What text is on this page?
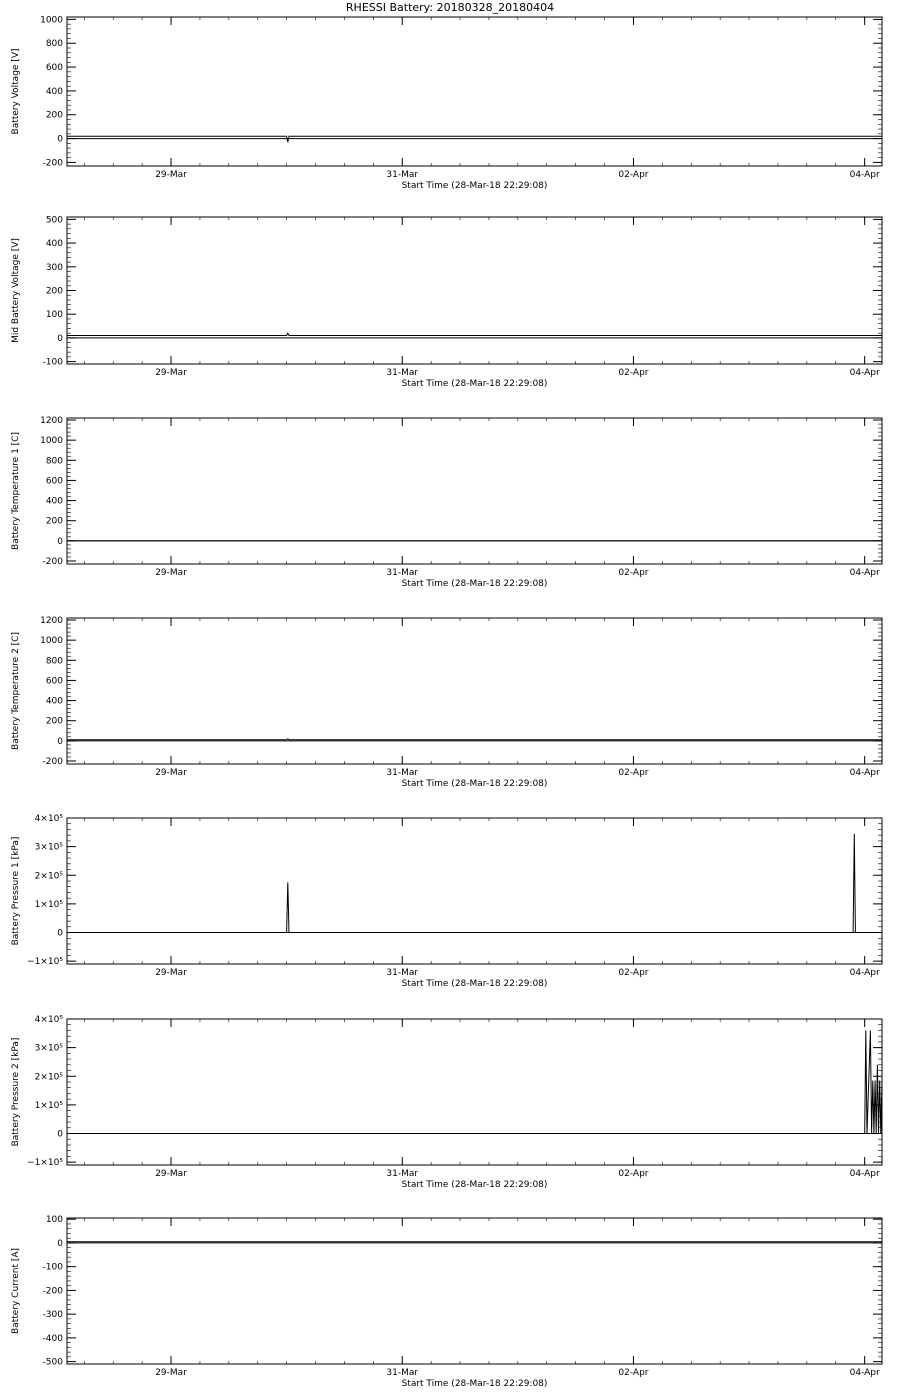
RHESSI Battery: 20180328_20180404
-200
0
200
400
600
800
1000
29-Mar	31-Mar	02-Apr	04-Apr
Start Time (28-Mar-18 22:29:08)
Battery Voltage [V]
-100
0
100
200
300
400
500
29-Mar	31-Mar	02-Apr	04-Apr
Start Time (28-Mar-18 22:29:08)
Mid Battery Voltage [V]
-200
0
200
400
600
800
1000
1200
29-Mar	31-Mar	02-Apr	04-Apr
Start Time (28-Mar-18 22:29:08)
Battery Temperature 1 [C]
-200
0
200
400
600
800
1000
1200
29-Mar	31-Mar	02-Apr	04-Apr
Start Time (28-Mar-18 22:29:08)
Battery Temperature 2 [C]
−1×10⁵
0
1×10⁵
2×10⁵
3×10⁵
4×10⁵
29-Mar	31-Mar	02-Apr	04-Apr
Start Time (28-Mar-18 22:29:08)
Battery Pressure 1 [kPa]
−1×10⁵
0
1×10⁵
2×10⁵
3×10⁵
4×10⁵
29-Mar	31-Mar	02-Apr	04-Apr
Start Time (28-Mar-18 22:29:08)
Battery Pressure 2 [kPa]
-500
-400
-300
-200
-100
0
100
29-Mar	31-Mar	02-Apr	04-Apr
Start Time (28-Mar-18 22:29:08)
Battery Current [A]
